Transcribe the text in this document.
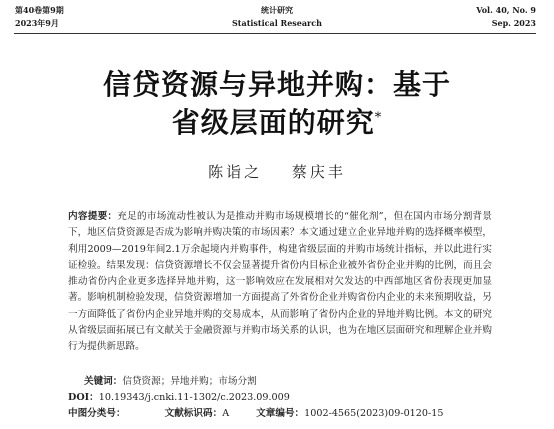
第40卷第9期
2023年9月
统计研究
Statistical Research
Vol. 40, No. 9
Sep. 2023
信贷资源与异地并购：基于
省级层面的研究*
陈诣之 蔡庆丰
内容提要：充足的市场流动性被认为是推动并购市场规模增长的“催化剂”，但在国内市场分割背景下，地区信贷资源是否成为影响并购决策的市场因素？本文通过建立企业异地并购的选择概率模型，利用2009—2019年间2.1万余起境内并购事件，构建省级层面的并购市场统计指标，并以此进行实证检验。结果发现：信贷资源增长不仅会显著提升省份内目标企业被外省份企业并购的比例，而且会推动省份内企业更多选择异地并购，这一影响效应在发展相对欠发达的中西部地区省份表现更加显著。影响机制检验发现，信贷资源增加一方面提高了外省份企业并购省份内企业的未来预期收益，另一方面降低了省份内企业异地并购的交易成本，从而影响了省份内企业的异地并购比例。本文的研究从省级层面拓展已有文献关于金融资源与并购市场关系的认识，也为在地区层面研究和理解企业并购行为提供新思路。
关键词：信贷资源；异地并购；市场分割
DOI：10.19343/j.cnki.11-1302/c.2023.09.009
中图分类号：	文献标识码：A	文章编号：1002-4565(2023)09-0120-15
